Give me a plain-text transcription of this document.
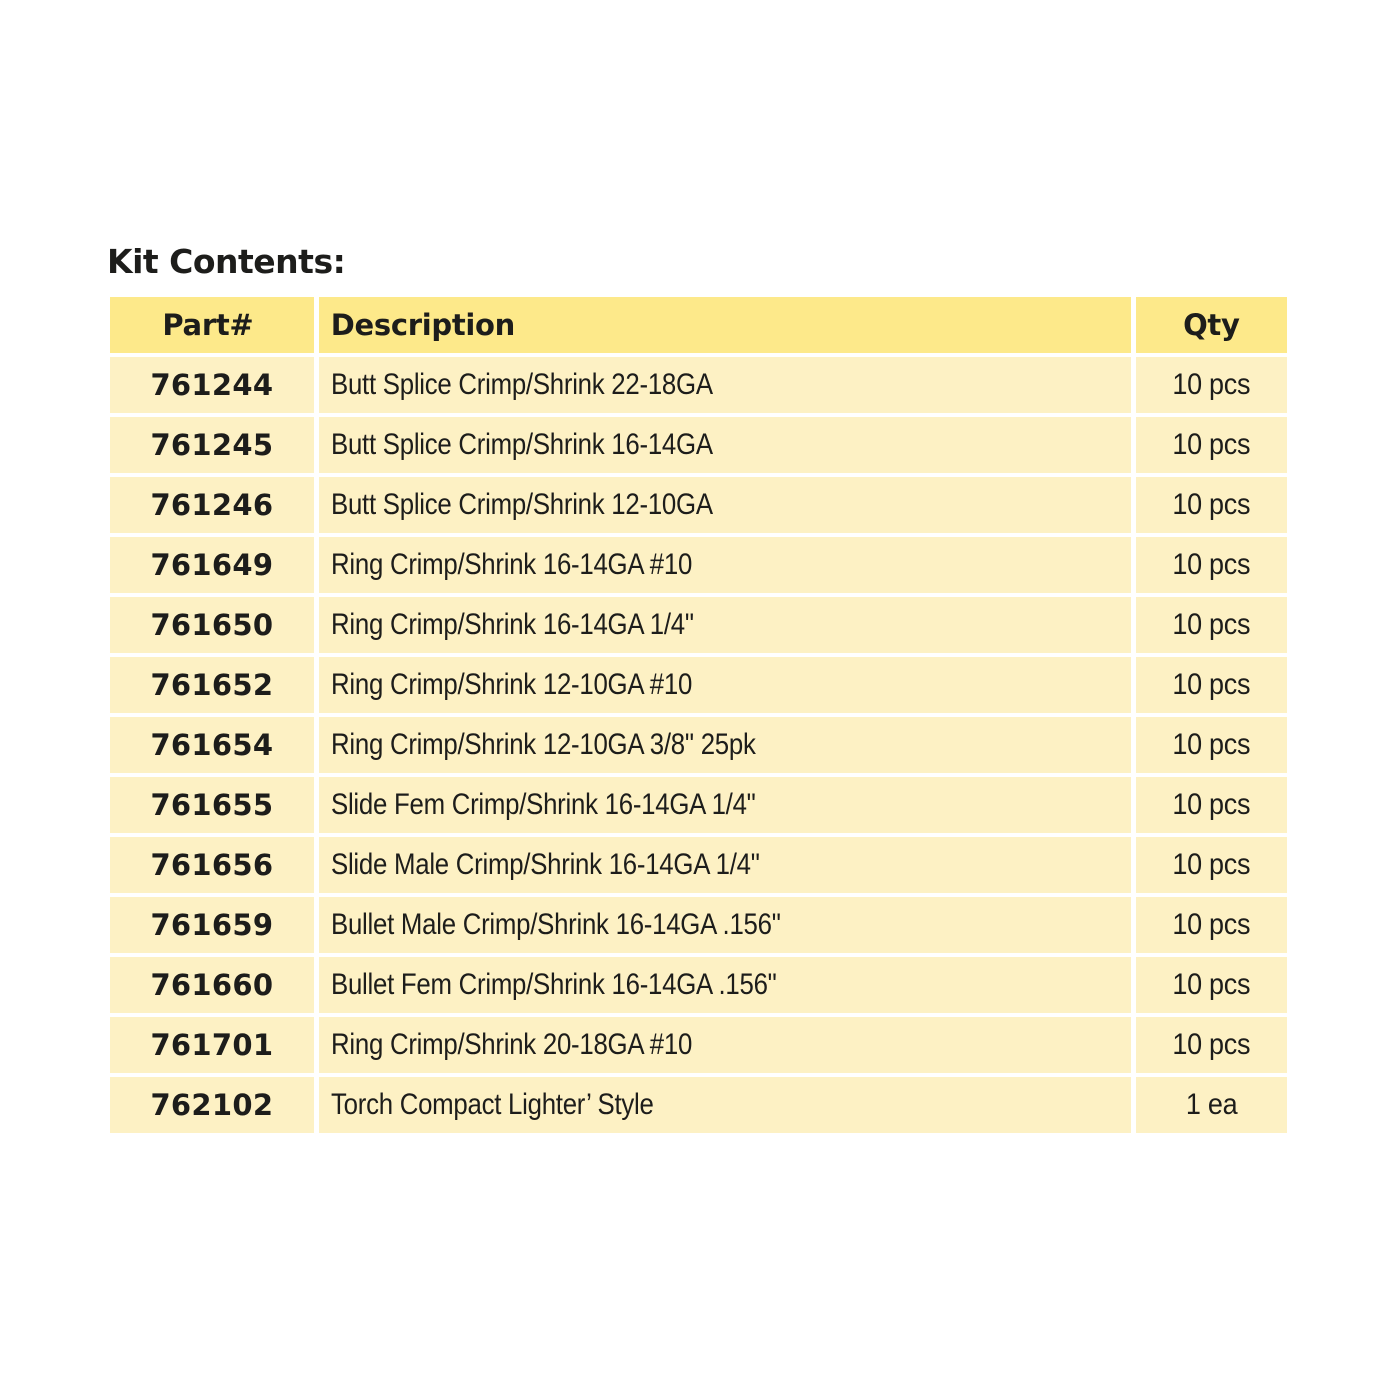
Kit Contents:
Part#	Description	Qty
761244	Butt Splice Crimp/Shrink 22-18GA	10 pcs
761245	Butt Splice Crimp/Shrink 16-14GA	10 pcs
761246	Butt Splice Crimp/Shrink 12-10GA	10 pcs
761649	Ring Crimp/Shrink 16-14GA #10	10 pcs
761650	Ring Crimp/Shrink 16-14GA 1/4"	10 pcs
761652	Ring Crimp/Shrink 12-10GA #10	10 pcs
761654	Ring Crimp/Shrink 12-10GA 3/8" 25pk	10 pcs
761655	Slide Fem Crimp/Shrink 16-14GA 1/4"	10 pcs
761656	Slide Male Crimp/Shrink 16-14GA 1/4"	10 pcs
761659	Bullet Male Crimp/Shrink 16-14GA .156"	10 pcs
761660	Bullet Fem Crimp/Shrink 16-14GA .156"	10 pcs
761701	Ring Crimp/Shrink 20-18GA #10	10 pcs
762102	Torch Compact Lighter’ Style	1 ea
